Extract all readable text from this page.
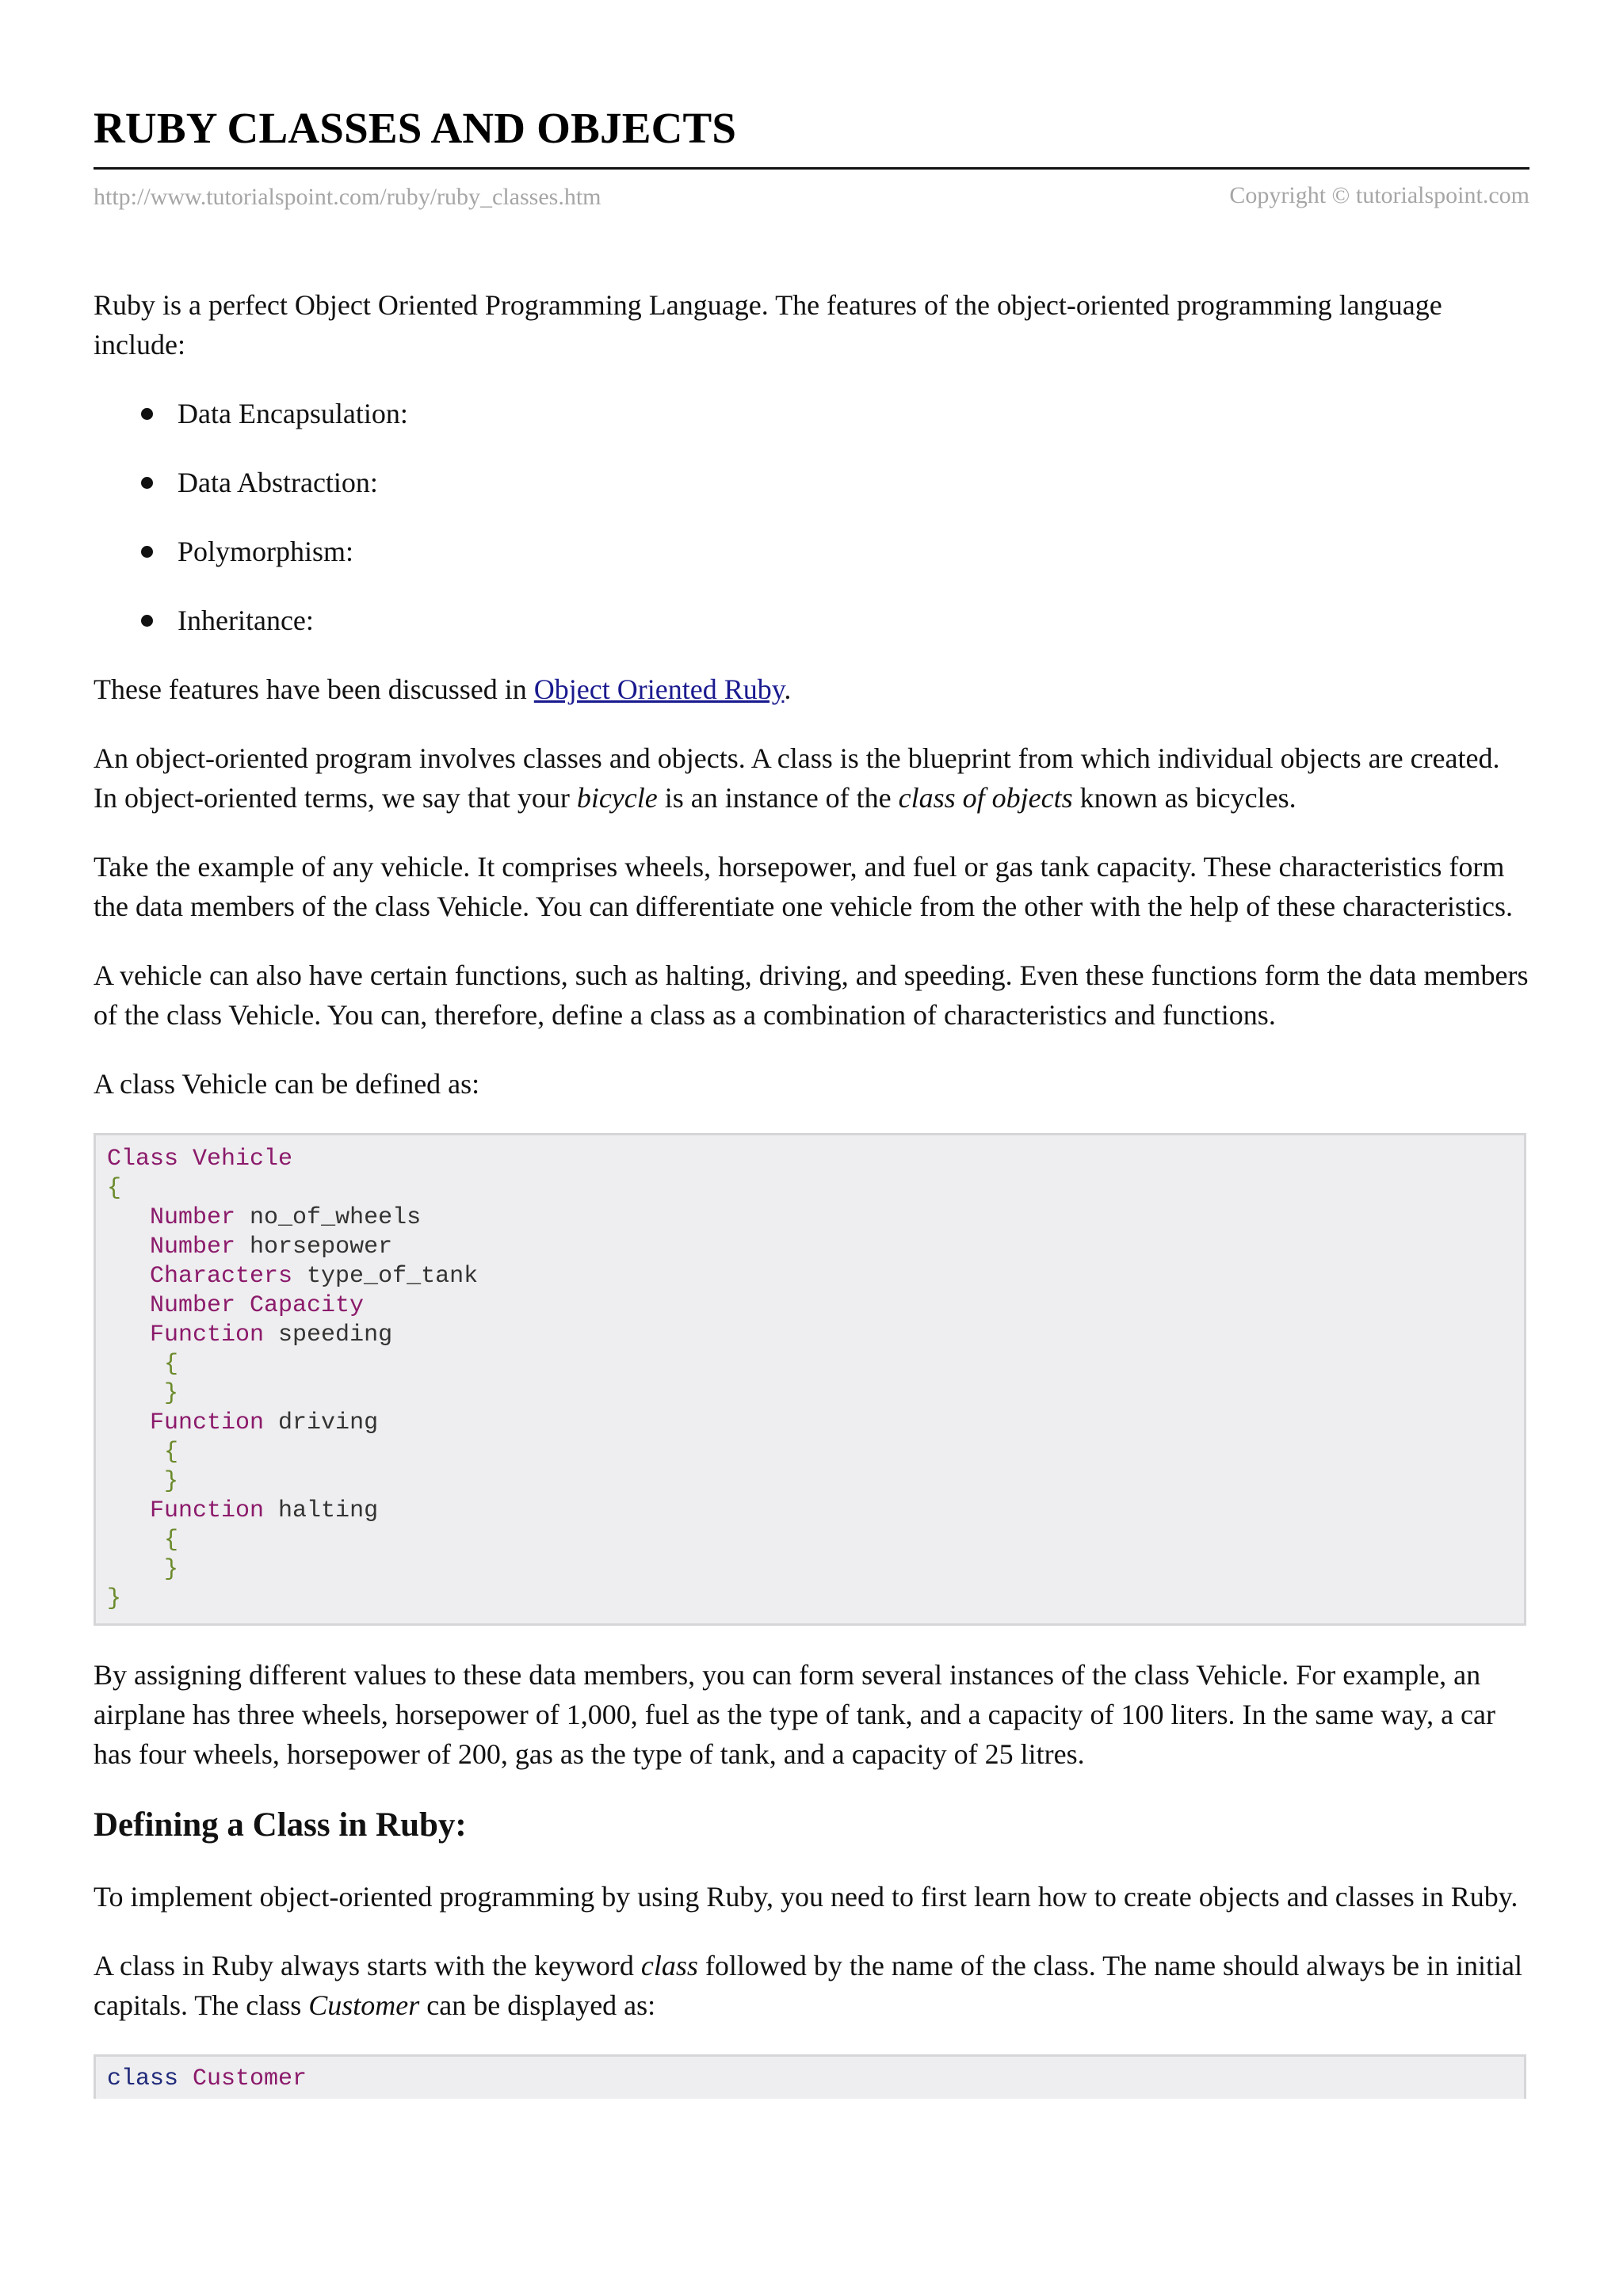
RUBY CLASSES AND OBJECTS
http://www.tutorialspoint.com/ruby/ruby_classes.htm	Copyright © tutorialspoint.com

Ruby is a perfect Object Oriented Programming Language. The features of the object-oriented programming language include:

Data Encapsulation:
Data Abstraction:
Polymorphism:
Inheritance:

These features have been discussed in Object Oriented Ruby.

An object-oriented program involves classes and objects. A class is the blueprint from which individual objects are created. In object-oriented terms, we say that your bicycle is an instance of the class of objects known as bicycles.

Take the example of any vehicle. It comprises wheels, horsepower, and fuel or gas tank capacity. These characteristics form the data members of the class Vehicle. You can differentiate one vehicle from the other with the help of these characteristics.

A vehicle can also have certain functions, such as halting, driving, and speeding. Even these functions form the data members of the class Vehicle. You can, therefore, define a class as a combination of characteristics and functions.

A class Vehicle can be defined as:

Class Vehicle
{
Number no_of_wheels
Number horsepower
Characters type_of_tank
Number Capacity
Function speeding
{
}
Function driving
{
}
Function halting
{
}
}

By assigning different values to these data members, you can form several instances of the class Vehicle. For example, an airplane has three wheels, horsepower of 1,000, fuel as the type of tank, and a capacity of 100 liters. In the same way, a car has four wheels, horsepower of 200, gas as the type of tank, and a capacity of 25 litres.

Defining a Class in Ruby:

To implement object-oriented programming by using Ruby, you need to first learn how to create objects and classes in Ruby.

A class in Ruby always starts with the keyword class followed by the name of the class. The name should always be in initial capitals. The class Customer can be displayed as:

class Customer
